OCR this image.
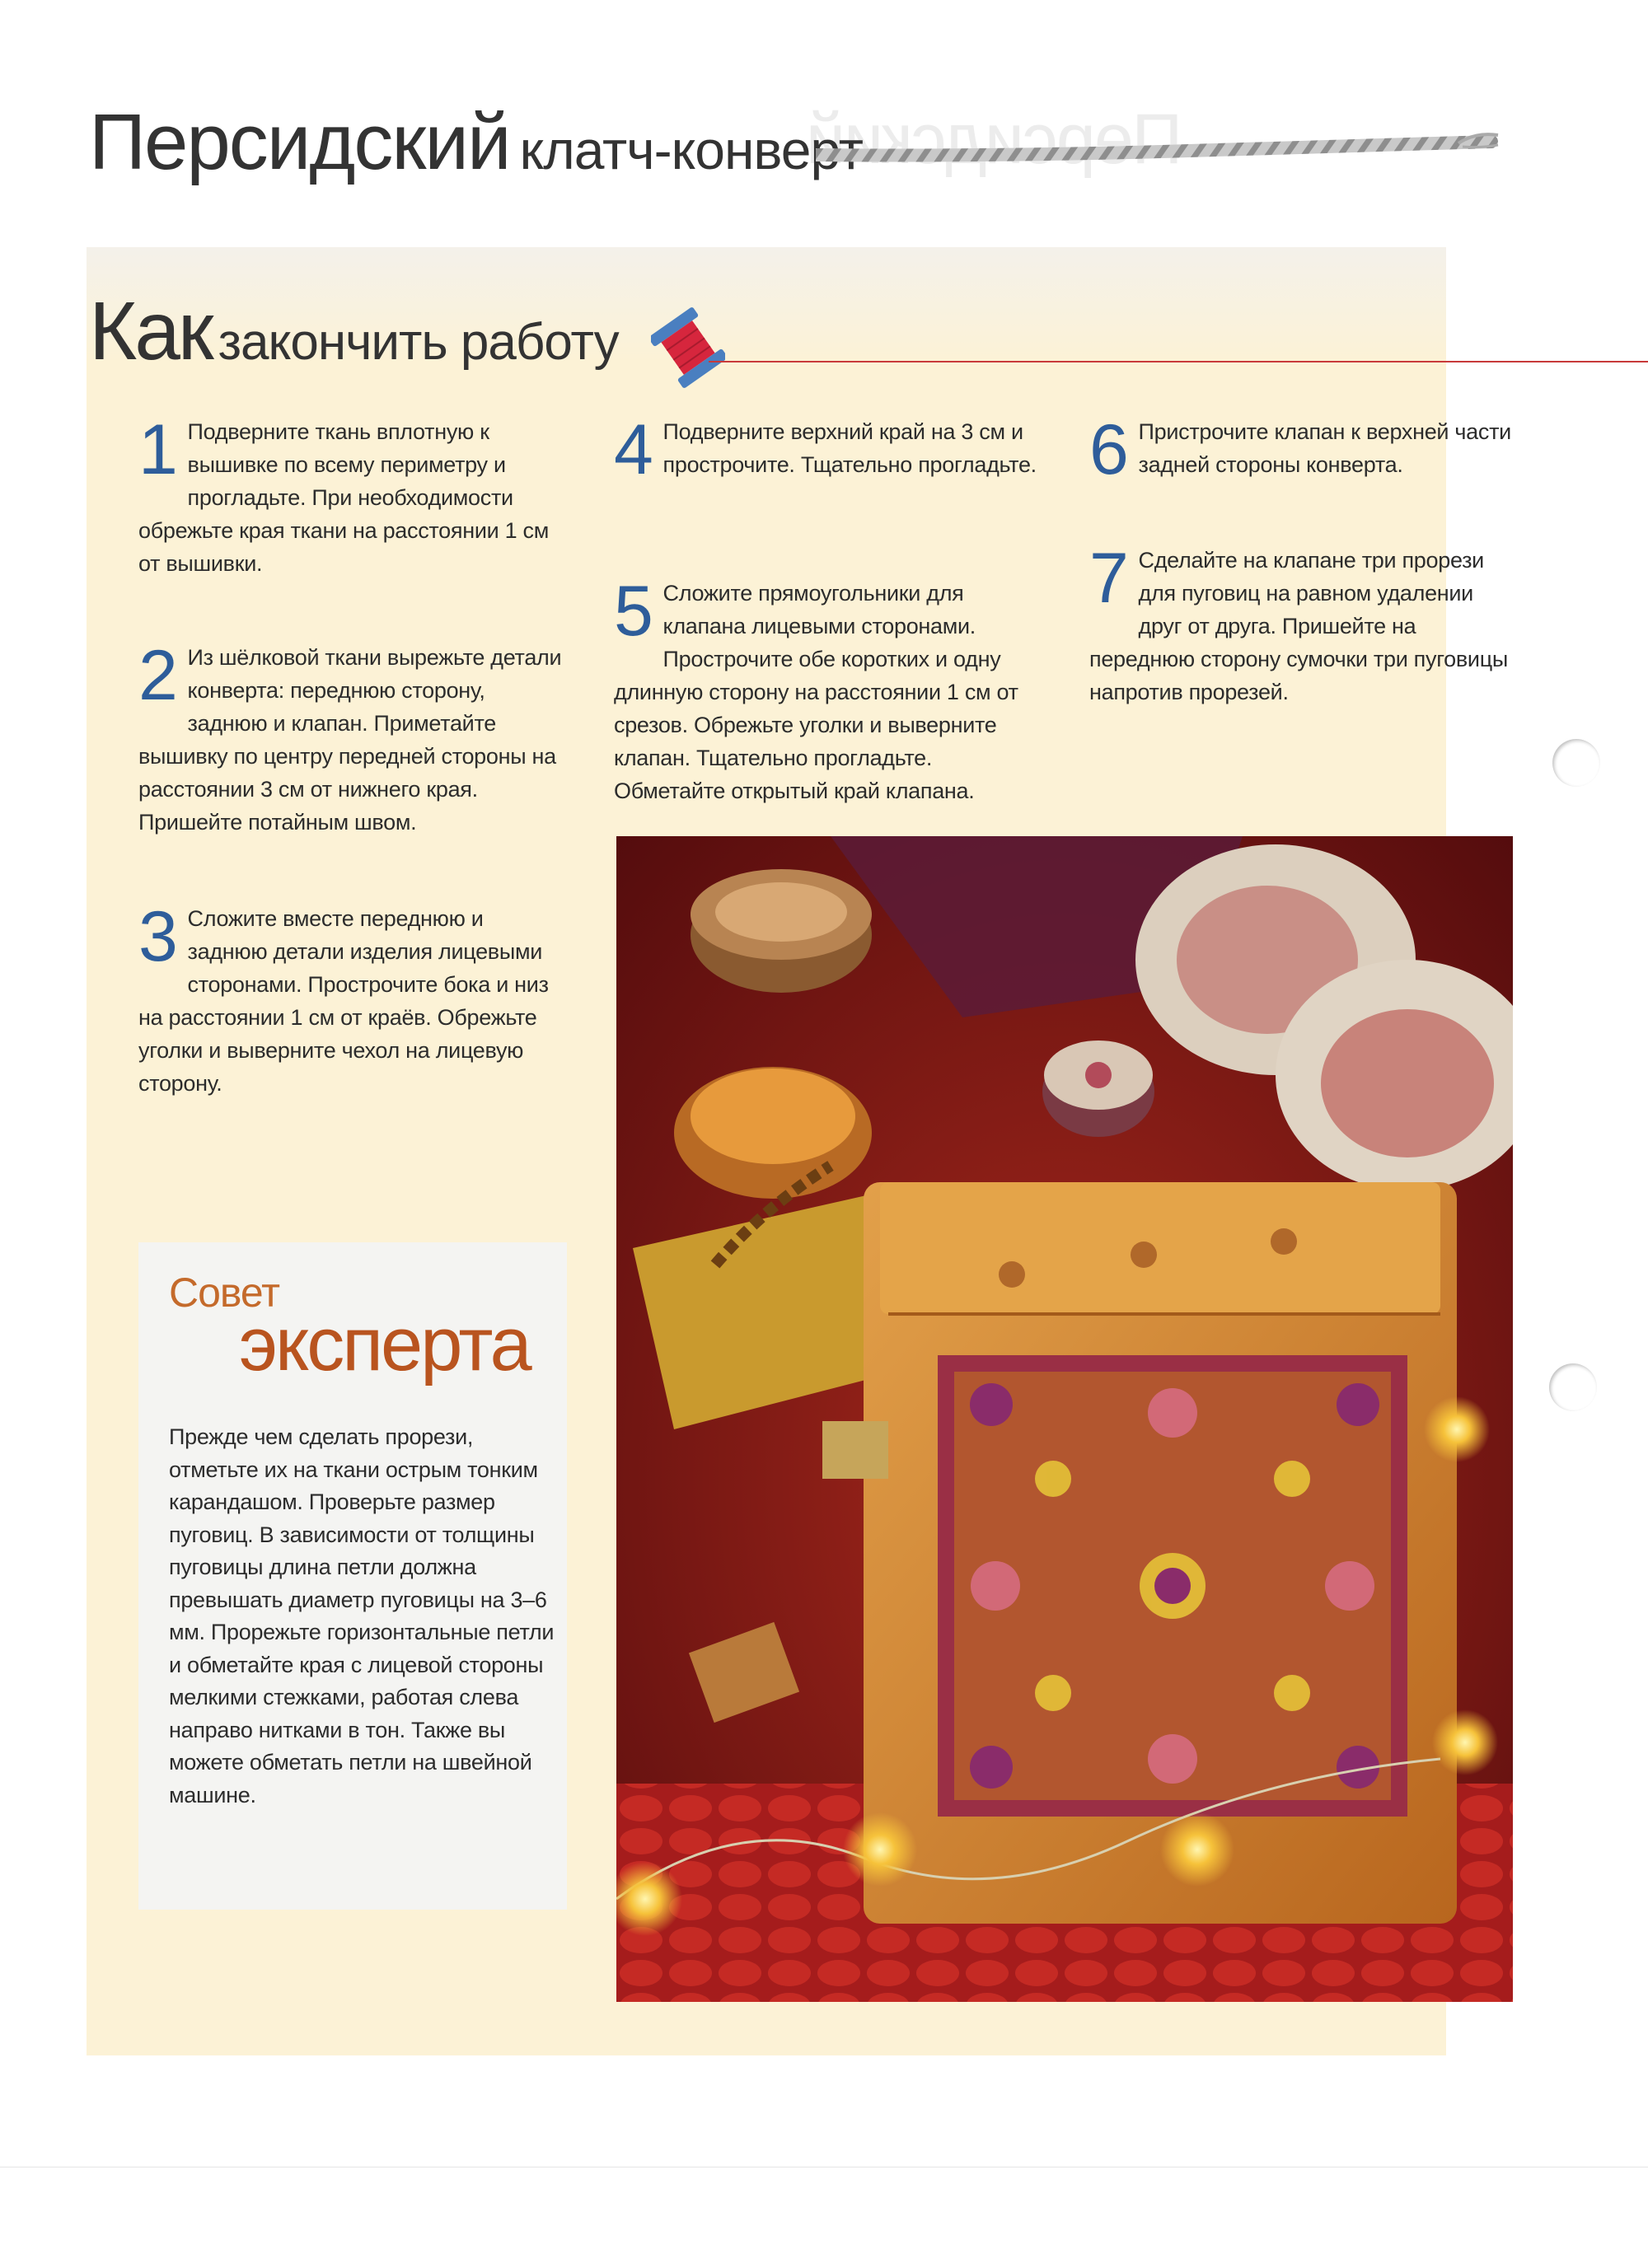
Персидский
Персидский клатч-конверт
Как закончить работу
1 Подверните ткань вплотную к вышивке по всему периметру и прогладьте. При необходимости обрежьте края ткани на расстоянии 1 см от вышивки.
2 Из шёлковой ткани вырежьте детали конверта: переднюю сторону, заднюю и клапан. Приметайте вышивку по центру передней стороны на расстоянии 3 см от нижнего края. Пришейте потайным швом.
3 Сложите вместе переднюю и заднюю детали изделия лицевыми сторонами. Прострочите бока и низ на расстоянии 1 см от краёв. Обрежьте уголки и выверните чехол на лицевую сторону.
4 Подверните верхний край на 3 см и прострочите. Тщательно прогладьте.
5 Сложите прямоугольники для клапана лицевыми сторонами. Прострочите обе коротких и одну длинную сторону на расстоянии 1 см от срезов. Обрежьте уголки и выверните клапан. Тщательно прогладьте. Обметайте открытый край клапана.
6 Пристрочите клапан к верхней части задней стороны конверта.
7 Сделайте на клапане три прорези для пуговиц на равном удалении друг от друга. Пришейте на переднюю сторону сумочки три пуговицы напротив прорезей.
Совет
эксперта
Прежде чем сделать прорези, отметьте их на ткани острым тонким карандашом. Проверьте размер пуговиц. В зависимости от толщины пуговицы длина петли должна превышать диаметр пуговицы на 3–6 мм. Прорежьте горизонтальные петли и обметайте края с лицевой стороны мелкими стежками, работая слева направо нитками в тон. Также вы можете обметать петли на швейной машине.
